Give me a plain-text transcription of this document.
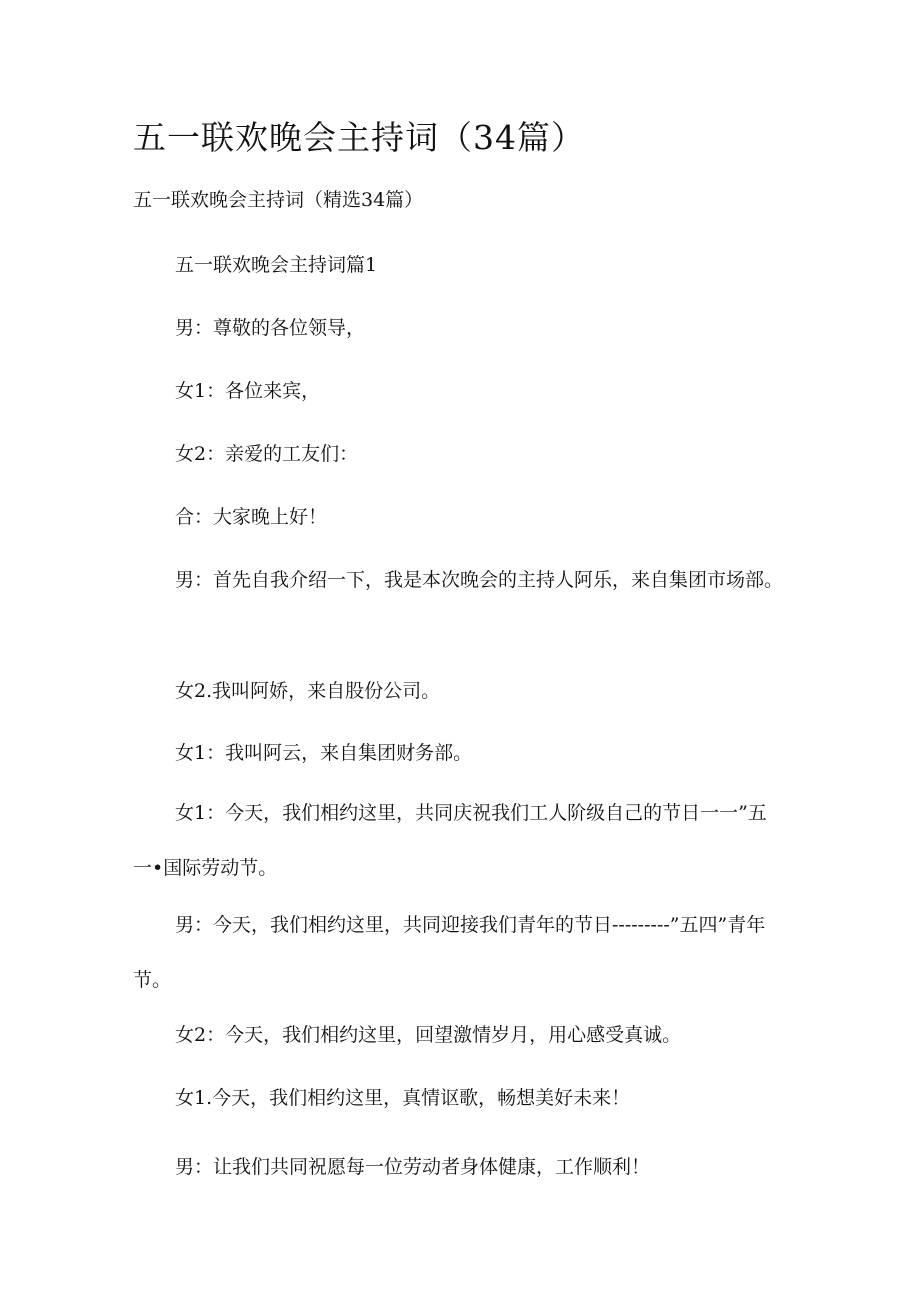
五一联欢晚会主持词（34篇）
五一联欢晚会主持词（精选34篇）

五一联欢晚会主持词篇1

男：尊敬的各位领导，

女1：各位来宾，

女2：亲爱的工友们：

合：大家晚上好！

男：首先自我介绍一下，我是本次晚会的主持人阿乐，来自集团市场部。

女2.我叫阿娇，来自股份公司。

女1：我叫阿云，来自集团财务部。

女1：今天，我们相约这里，共同庆祝我们工人阶级自己的节日一一”五一•国际劳动节。

男：今天，我们相约这里，共同迎接我们青年的节日---------”五四”青年节。

女2：今天，我们相约这里，回望激情岁月，用心感受真诚。

女1.今天，我们相约这里，真情讴歌，畅想美好未来！

男：让我们共同祝愿每一位劳动者身体健康，工作顺利！
